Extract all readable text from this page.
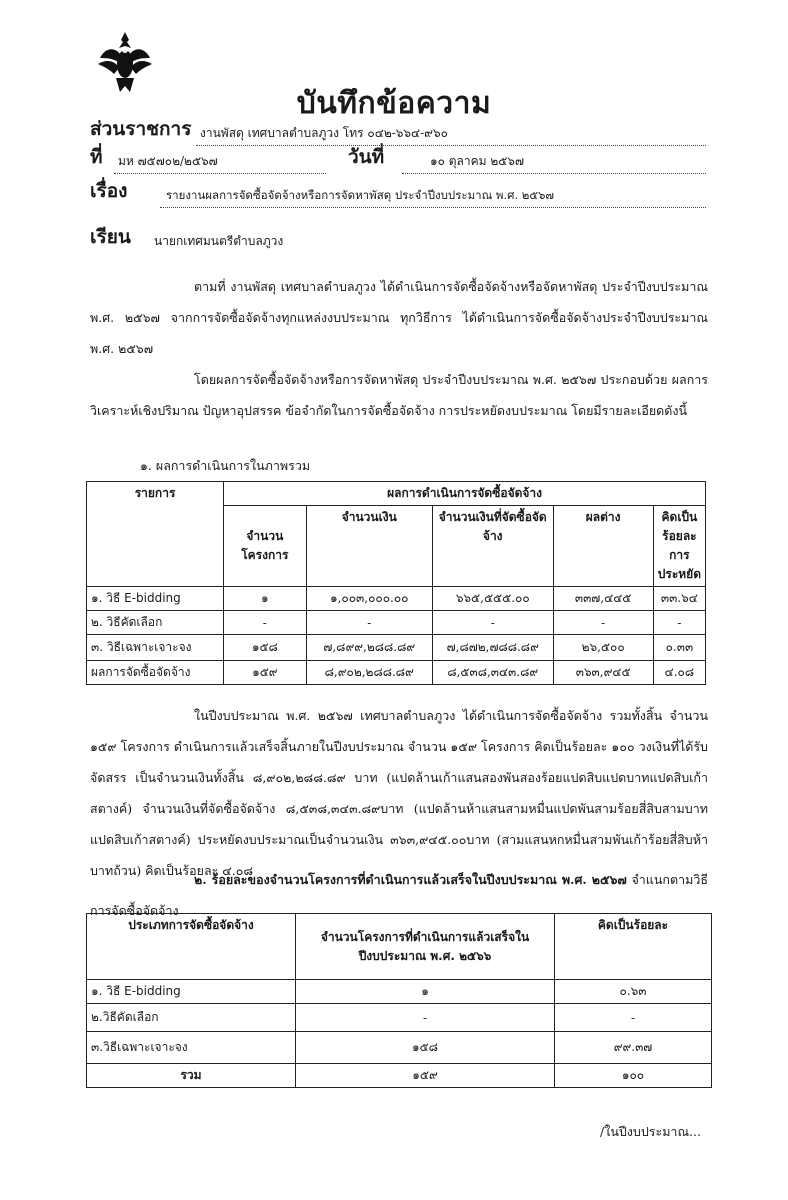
บันทึกข้อความ
ส่วนราชการ งานพัสดุ เทศบาลตำบลภูวง โทร ๐๔๒-๖๖๔-๙๖๐
ที่ มห ๗๕๗๐๒/๒๕๖๗	วันที่	๑๐ ตุลาคม ๒๕๖๗
เรื่อง	รายงานผลการจัดซื้อจัดจ้างหรือการจัดหาพัสดุ ประจำปีงบประมาณ พ.ศ. ๒๕๖๗
เรียน นายกเทศมนตรีตำบลภูวง
ตามที่ งานพัสดุ เทศบาลตำบลภูวง ได้ดำเนินการจัดซื้อจัดจ้างหรือจัดหาพัสดุ ประจำปีงบประมาณ พ.ศ. ๒๕๖๗ จากการจัดซื้อจัดจ้างทุกแหล่งงบประมาณ ทุกวิธีการ ได้ดำเนินการจัดซื้อจัดจ้างประจำปีงบประมาณ พ.ศ. ๒๕๖๗
โดยผลการจัดซื้อจัดจ้างหรือการจัดหาพัสดุ ประจำปีงบประมาณ พ.ศ. ๒๕๖๗ ประกอบด้วย ผลการวิเคราะห์เชิงปริมาณ ปัญหาอุปสรรค ข้อจำกัดในการจัดซื้อจัดจ้าง การประหยัดงบประมาณ โดยมีรายละเอียดดังนี้
๑. ผลการดำเนินการในภาพรวม
รายการ	ผลการดำเนินการจัดซื้อจัดจ้าง				
	จำนวนโครงการ	จำนวนเงิน	จำนวนเงินที่จัดซื้อจัดจ้าง	ผลต่าง	คิดเป็นร้อยละการประหยัด
๑. วิธี E-bidding	๑	๑,๐๐๓,๐๐๐.๐๐	๖๖๕,๕๕๕.๐๐	๓๓๗,๔๔๕	๓๓.๖๔
๒. วิธีคัดเลือก	-	-	-	-	-
๓. วิธีเฉพาะเจาะจง	๑๕๘	๗,๘๙๙,๒๘๘.๘๙	๗,๘๗๒,๗๘๘.๘๙	๒๖,๕๐๐	๐.๓๓
ผลการจัดซื้อจัดจ้าง	๑๕๙	๘,๙๐๒,๒๘๘.๘๙	๘,๕๓๘,๓๔๓.๘๙	๓๖๓,๙๔๕	๔.๐๘
ในปีงบประมาณ พ.ศ. ๒๕๖๗ เทศบาลตำบลภูวง ได้ดำเนินการจัดซื้อจัดจ้าง รวมทั้งสิ้น จำนวน ๑๕๙ โครงการ ดำเนินการแล้วเสร็จสิ้นภายในปีงบประมาณ จำนวน ๑๕๙ โครงการ คิดเป็นร้อยละ ๑๐๐ วงเงินที่ได้รับจัดสรร เป็นจำนวนเงินทั้งสิ้น ๘,๙๐๒,๒๘๘.๘๙ บาท (แปดล้านเก้าแสนสองพันสองร้อยแปดสิบแปดบาทแปดสิบเก้าสตางค์) จำนวนเงินที่จัดซื้อจัดจ้าง ๘,๕๓๘,๓๔๓.๘๙บาท (แปดล้านห้าแสนสามหมื่นแปดพันสามร้อยสี่สิบสามบาทแปดสิบเก้าสตางค์) ประหยัดงบประมาณเป็นจำนวนเงิน ๓๖๓,๙๔๕.๐๐บาท (สามแสนหกหมื่นสามพันเก้าร้อยสี่สิบห้าบาทถ้วน) คิดเป็นร้อยละ ๔.๐๘
๒. ร้อยละของจำนวนโครงการที่ดำเนินการแล้วเสร็จในปีงบประมาณ พ.ศ. ๒๕๖๗ จำแนกตามวิธีการจัดซื้อจัดจ้าง
ประเภทการจัดซื้อจัดจ้าง	จำนวนโครงการที่ดำเนินการแล้วเสร็จในปีงบประมาณ พ.ศ. ๒๕๖๖	คิดเป็นร้อยละ
๑. วิธี E-bidding	๑	๐.๖๓
๒.วิธีคัดเลือก	-	-
๓.วิธีเฉพาะเจาะจง	๑๕๘	๙๙.๓๗
รวม	๑๕๙	๑๐๐
/ในปีงบประมาณ...
